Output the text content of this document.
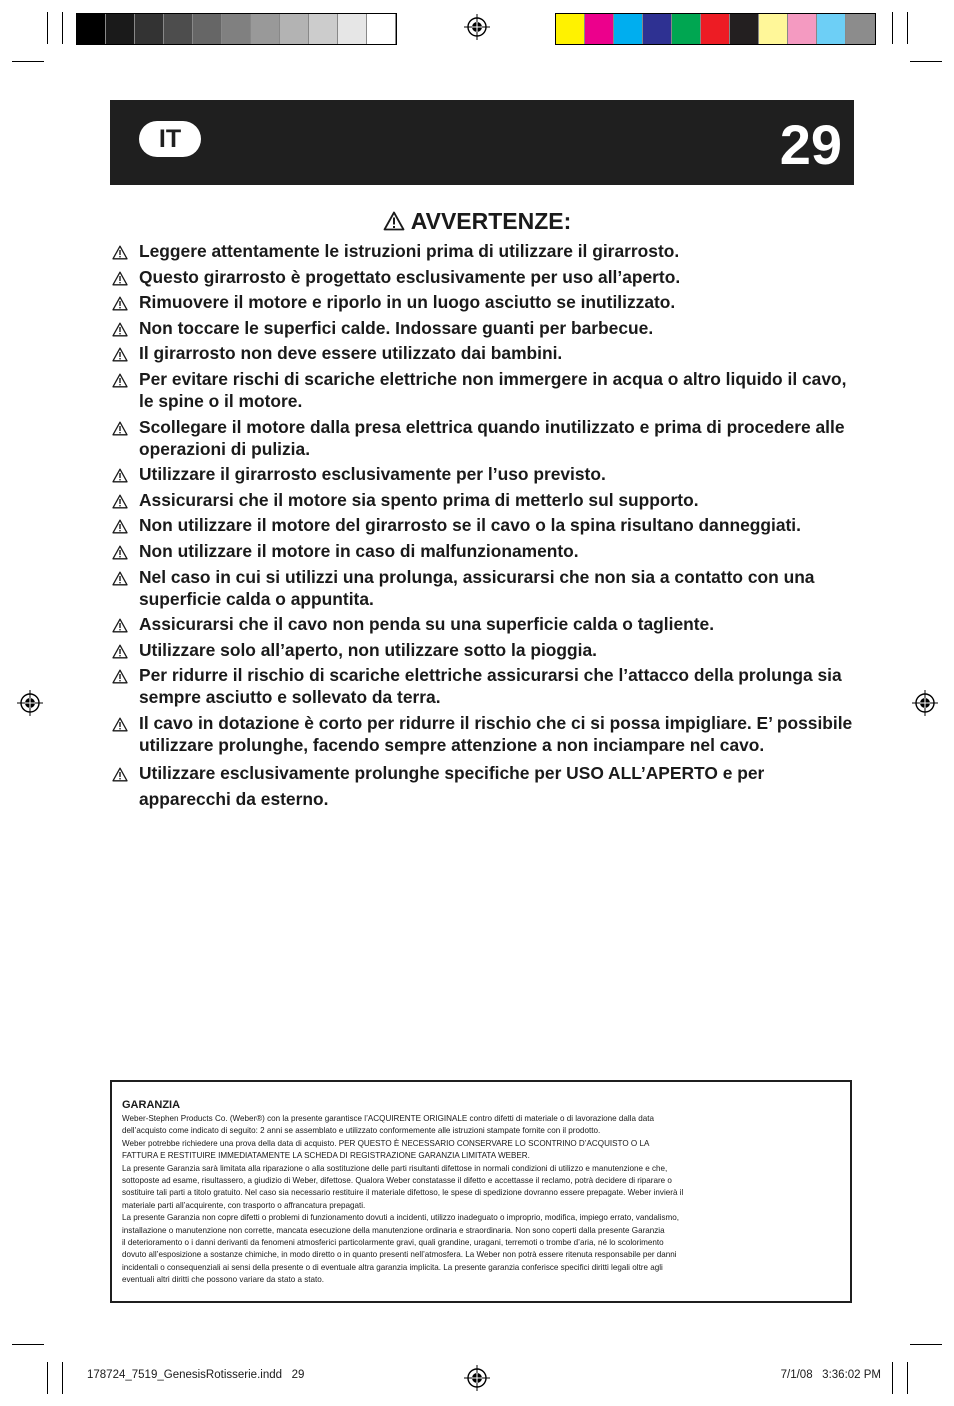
IT	29
AVVERTENZE:
Leggere attentamente le istruzioni prima di utilizzare il girarrosto.
Questo girarrosto è progettato esclusivamente per uso all’aperto.
Rimuovere il motore e riporlo in un luogo asciutto se inutilizzato.
Non toccare le superfici calde. Indossare guanti per barbecue.
Il girarrosto non deve essere utilizzato dai bambini.
Per evitare rischi di scariche elettriche non immergere in acqua o altro liquido il cavo, le spine o il motore.
Scollegare il motore dalla presa elettrica quando inutilizzato e prima di procedere alle operazioni di pulizia.
Utilizzare il girarrosto esclusivamente per l’uso previsto.
Assicurarsi che il motore sia spento prima di metterlo sul supporto.
Non utilizzare il motore del girarrosto se il cavo o la spina risultano danneggiati.
Non utilizzare il motore in caso di malfunzionamento.
Nel caso in cui si utilizzi una prolunga, assicurarsi che non sia a contatto con una superficie calda o appuntita.
Assicurarsi che il cavo non penda su una superficie calda o tagliente.
Utilizzare solo all’aperto, non utilizzare sotto la pioggia.
Per ridurre il rischio di scariche elettriche assicurarsi che l’attacco della prolunga sia sempre asciutto e sollevato da terra.
Il cavo in dotazione è corto per ridurre il rischio che ci si possa impigliare. E’ possibile utilizzare prolunghe, facendo sempre attenzione a non inciampare nel cavo.
Utilizzare esclusivamente prolunghe specifiche per USO ALL’APERTO e per apparecchi da esterno.
GARANZIA

Weber-Stephen Products Co. (Weber®) con la presente garantisce l’ACQUIRENTE ORIGINALE contro difetti di materiale o di lavorazione dalla data

dell’acquisto come indicato di seguito: 2 anni se assemblato e utilizzato conformemente alle istruzioni stampate fornite con il prodotto.

Weber potrebbe richiedere una prova della data di acquisto. PER QUESTO È NECESSARIO CONSERVARE LO SCONTRINO D’ACQUISTO O LA

FATTURA E RESTITUIRE IMMEDIATAMENTE LA SCHEDA DI REGISTRAZIONE GARANZIA LIMITATA WEBER.

La presente Garanzia sarà limitata alla riparazione o alla sostituzione delle parti risultanti difettose in normali condizioni di utilizzo e manutenzione e che,

sottoposte ad esame, risultassero, a giudizio di Weber, difettose. Qualora Weber constatasse il difetto e accettasse il reclamo, potrà decidere di riparare o

sostituire tali parti a titolo gratuito. Nel caso sia necessario restituire il materiale difettoso, le spese di spedizione dovranno essere prepagate. Weber invierà il

materiale parti all’acquirente, con trasporto o affrancatura prepagati.

La presente Garanzia non copre difetti o problemi di funzionamento dovuti a incidenti, utilizzo inadeguato o improprio, modifica, impiego errato, vandalismo,

installazione o manutenzione non corrette, mancata esecuzione della manutenzione ordinaria e straordinaria. Non sono coperti dalla presente Garanzia

il deterioramento o i danni derivanti da fenomeni atmosferici particolarmente gravi, quali grandine, uragani, terremoti o trombe d’aria, né lo scolorimento

dovuto all’esposizione a sostanze chimiche, in modo diretto o in quanto presenti nell’atmosfera. La Weber non potrà essere ritenuta responsabile per danni

incidentali o consequenziali ai sensi della presente o di eventuale altra garanzia implicita. La presente garanzia conferisce specifici diritti legali oltre agli

eventuali altri diritti che possono variare da stato a stato.

178724_7519_GenesisRotisserie.indd   29	7/1/08   3:36:02 PM
